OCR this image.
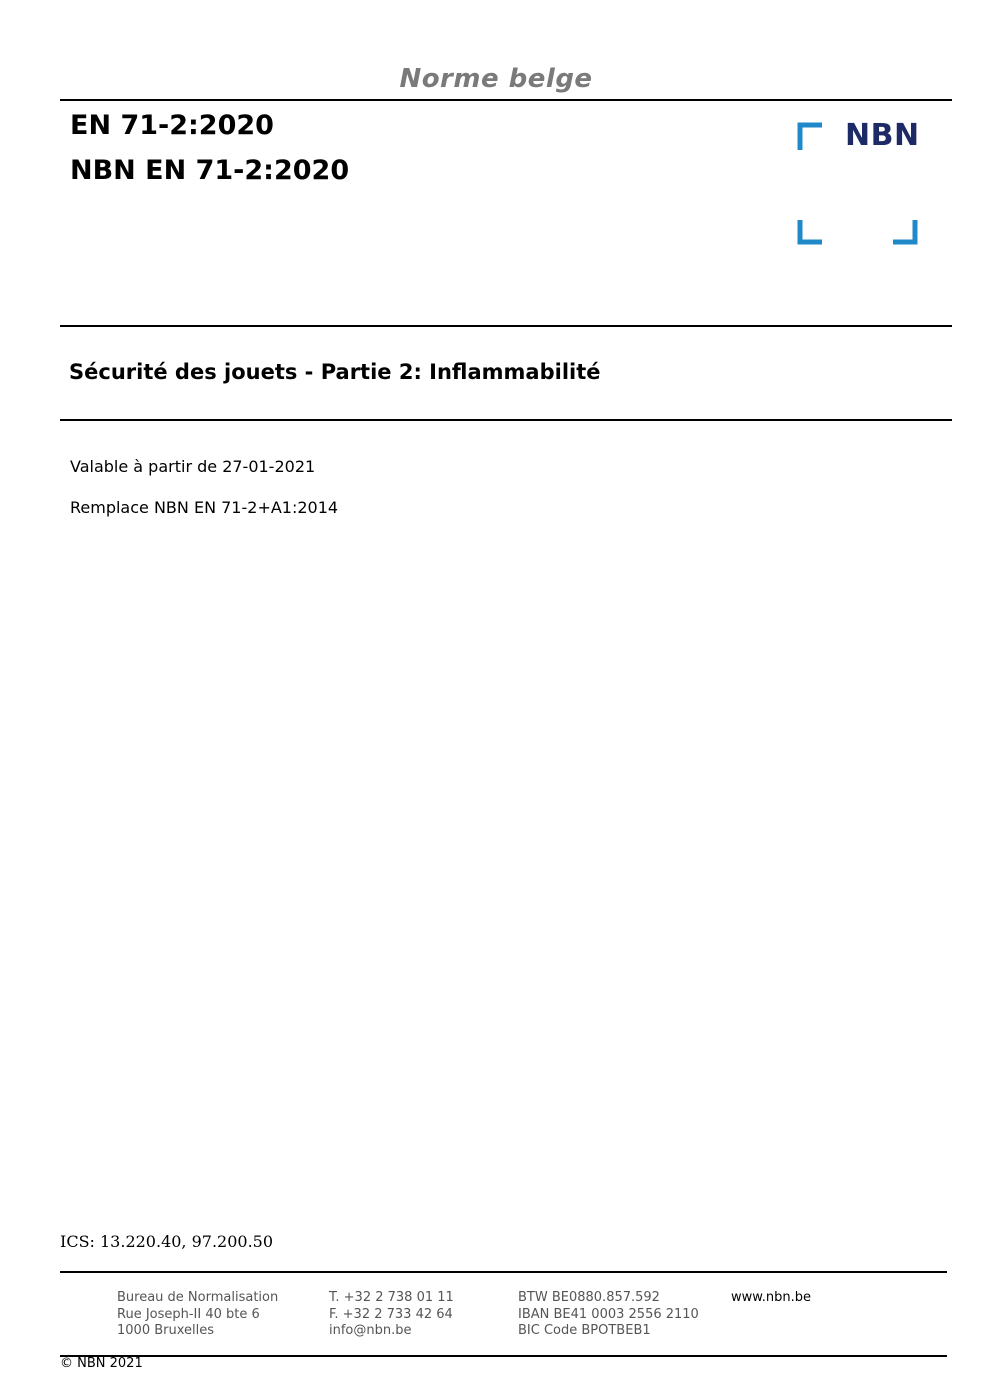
Norme belge
EN 71-2:2020
NBN EN 71-2:2020
NBN
Sécurité des jouets - Partie 2: Inflammabilité
Valable à partir de 27-01-2021
Remplace NBN EN 71-2+A1:2014
ICS: 13.220.40, 97.200.50
Bureau de Normalisation
Rue Joseph-II 40 bte 6
1000 Bruxelles
T. +32 2 738 01 11
F. +32 2 733 42 64
info@nbn.be
BTW BE0880.857.592
IBAN BE41 0003 2556 2110
BIC Code BPOTBEB1
www.nbn.be
© NBN 2021
